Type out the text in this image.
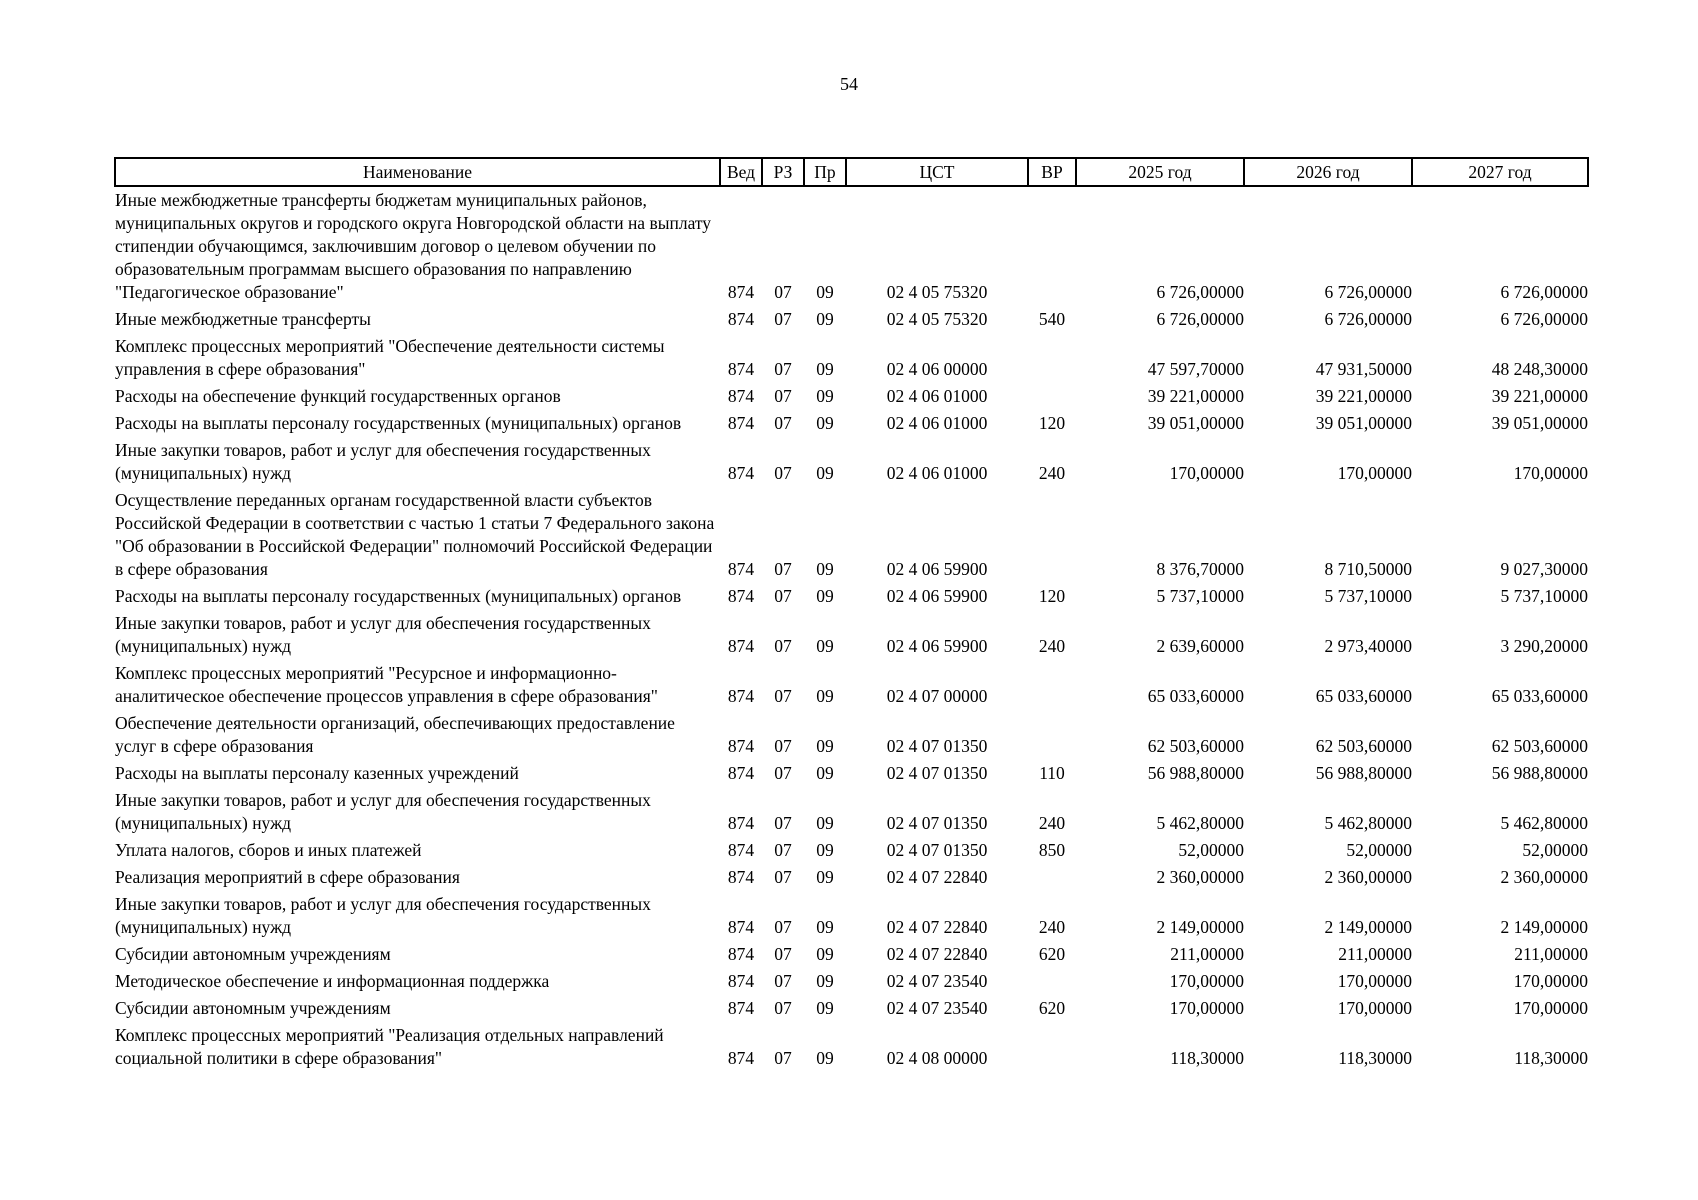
54
Наименование	Вед	РЗ	Пр	ЦСТ	ВР	2025 год	2026 год	2027 год
Иные межбюджетные трансферты бюджетам муниципальных районов, муниципальных округов и городского округа Новгородской области на выплату стипендии обучающимся, заключившим договор о целевом обучении по образовательным программам высшего образования по направлению "Педагогическое образование"	874	07	09	02 4 05 75320		6 726,00000	6 726,00000	6 726,00000
Иные межбюджетные трансферты	874	07	09	02 4 05 75320	540	6 726,00000	6 726,00000	6 726,00000
Комплекс процессных мероприятий "Обеспечение деятельности системы управления в сфере образования"	874	07	09	02 4 06 00000		47 597,70000	47 931,50000	48 248,30000
Расходы на обеспечение функций государственных органов	874	07	09	02 4 06 01000		39 221,00000	39 221,00000	39 221,00000
Расходы на выплаты персоналу государственных (муниципальных) органов	874	07	09	02 4 06 01000	120	39 051,00000	39 051,00000	39 051,00000
Иные закупки товаров, работ и услуг для обеспечения государственных (муниципальных) нужд	874	07	09	02 4 06 01000	240	170,00000	170,00000	170,00000
Осуществление переданных органам государственной власти субъектов Российской Федерации в соответствии с частью 1 статьи 7 Федерального закона "Об образовании в Российской Федерации" полномочий Российской Федерации в сфере образования	874	07	09	02 4 06 59900		8 376,70000	8 710,50000	9 027,30000
Расходы на выплаты персоналу государственных (муниципальных) органов	874	07	09	02 4 06 59900	120	5 737,10000	5 737,10000	5 737,10000
Иные закупки товаров, работ и услуг для обеспечения государственных (муниципальных) нужд	874	07	09	02 4 06 59900	240	2 639,60000	2 973,40000	3 290,20000
Комплекс процессных мероприятий "Ресурсное и информационно-аналитическое обеспечение процессов управления в сфере образования"	874	07	09	02 4 07 00000		65 033,60000	65 033,60000	65 033,60000
Обеспечение деятельности организаций, обеспечивающих предоставление услуг в сфере образования	874	07	09	02 4 07 01350		62 503,60000	62 503,60000	62 503,60000
Расходы на выплаты персоналу казенных учреждений	874	07	09	02 4 07 01350	110	56 988,80000	56 988,80000	56 988,80000
Иные закупки товаров, работ и услуг для обеспечения государственных (муниципальных) нужд	874	07	09	02 4 07 01350	240	5 462,80000	5 462,80000	5 462,80000
Уплата налогов, сборов и иных платежей	874	07	09	02 4 07 01350	850	52,00000	52,00000	52,00000
Реализация мероприятий в сфере образования	874	07	09	02 4 07 22840		2 360,00000	2 360,00000	2 360,00000
Иные закупки товаров, работ и услуг для обеспечения государственных (муниципальных) нужд	874	07	09	02 4 07 22840	240	2 149,00000	2 149,00000	2 149,00000
Субсидии автономным учреждениям	874	07	09	02 4 07 22840	620	211,00000	211,00000	211,00000
Методическое обеспечение и информационная поддержка	874	07	09	02 4 07 23540		170,00000	170,00000	170,00000
Субсидии автономным учреждениям	874	07	09	02 4 07 23540	620	170,00000	170,00000	170,00000
Комплекс процессных мероприятий "Реализация отдельных направлений социальной политики в сфере образования"	874	07	09	02 4 08 00000		118,30000	118,30000	118,30000
